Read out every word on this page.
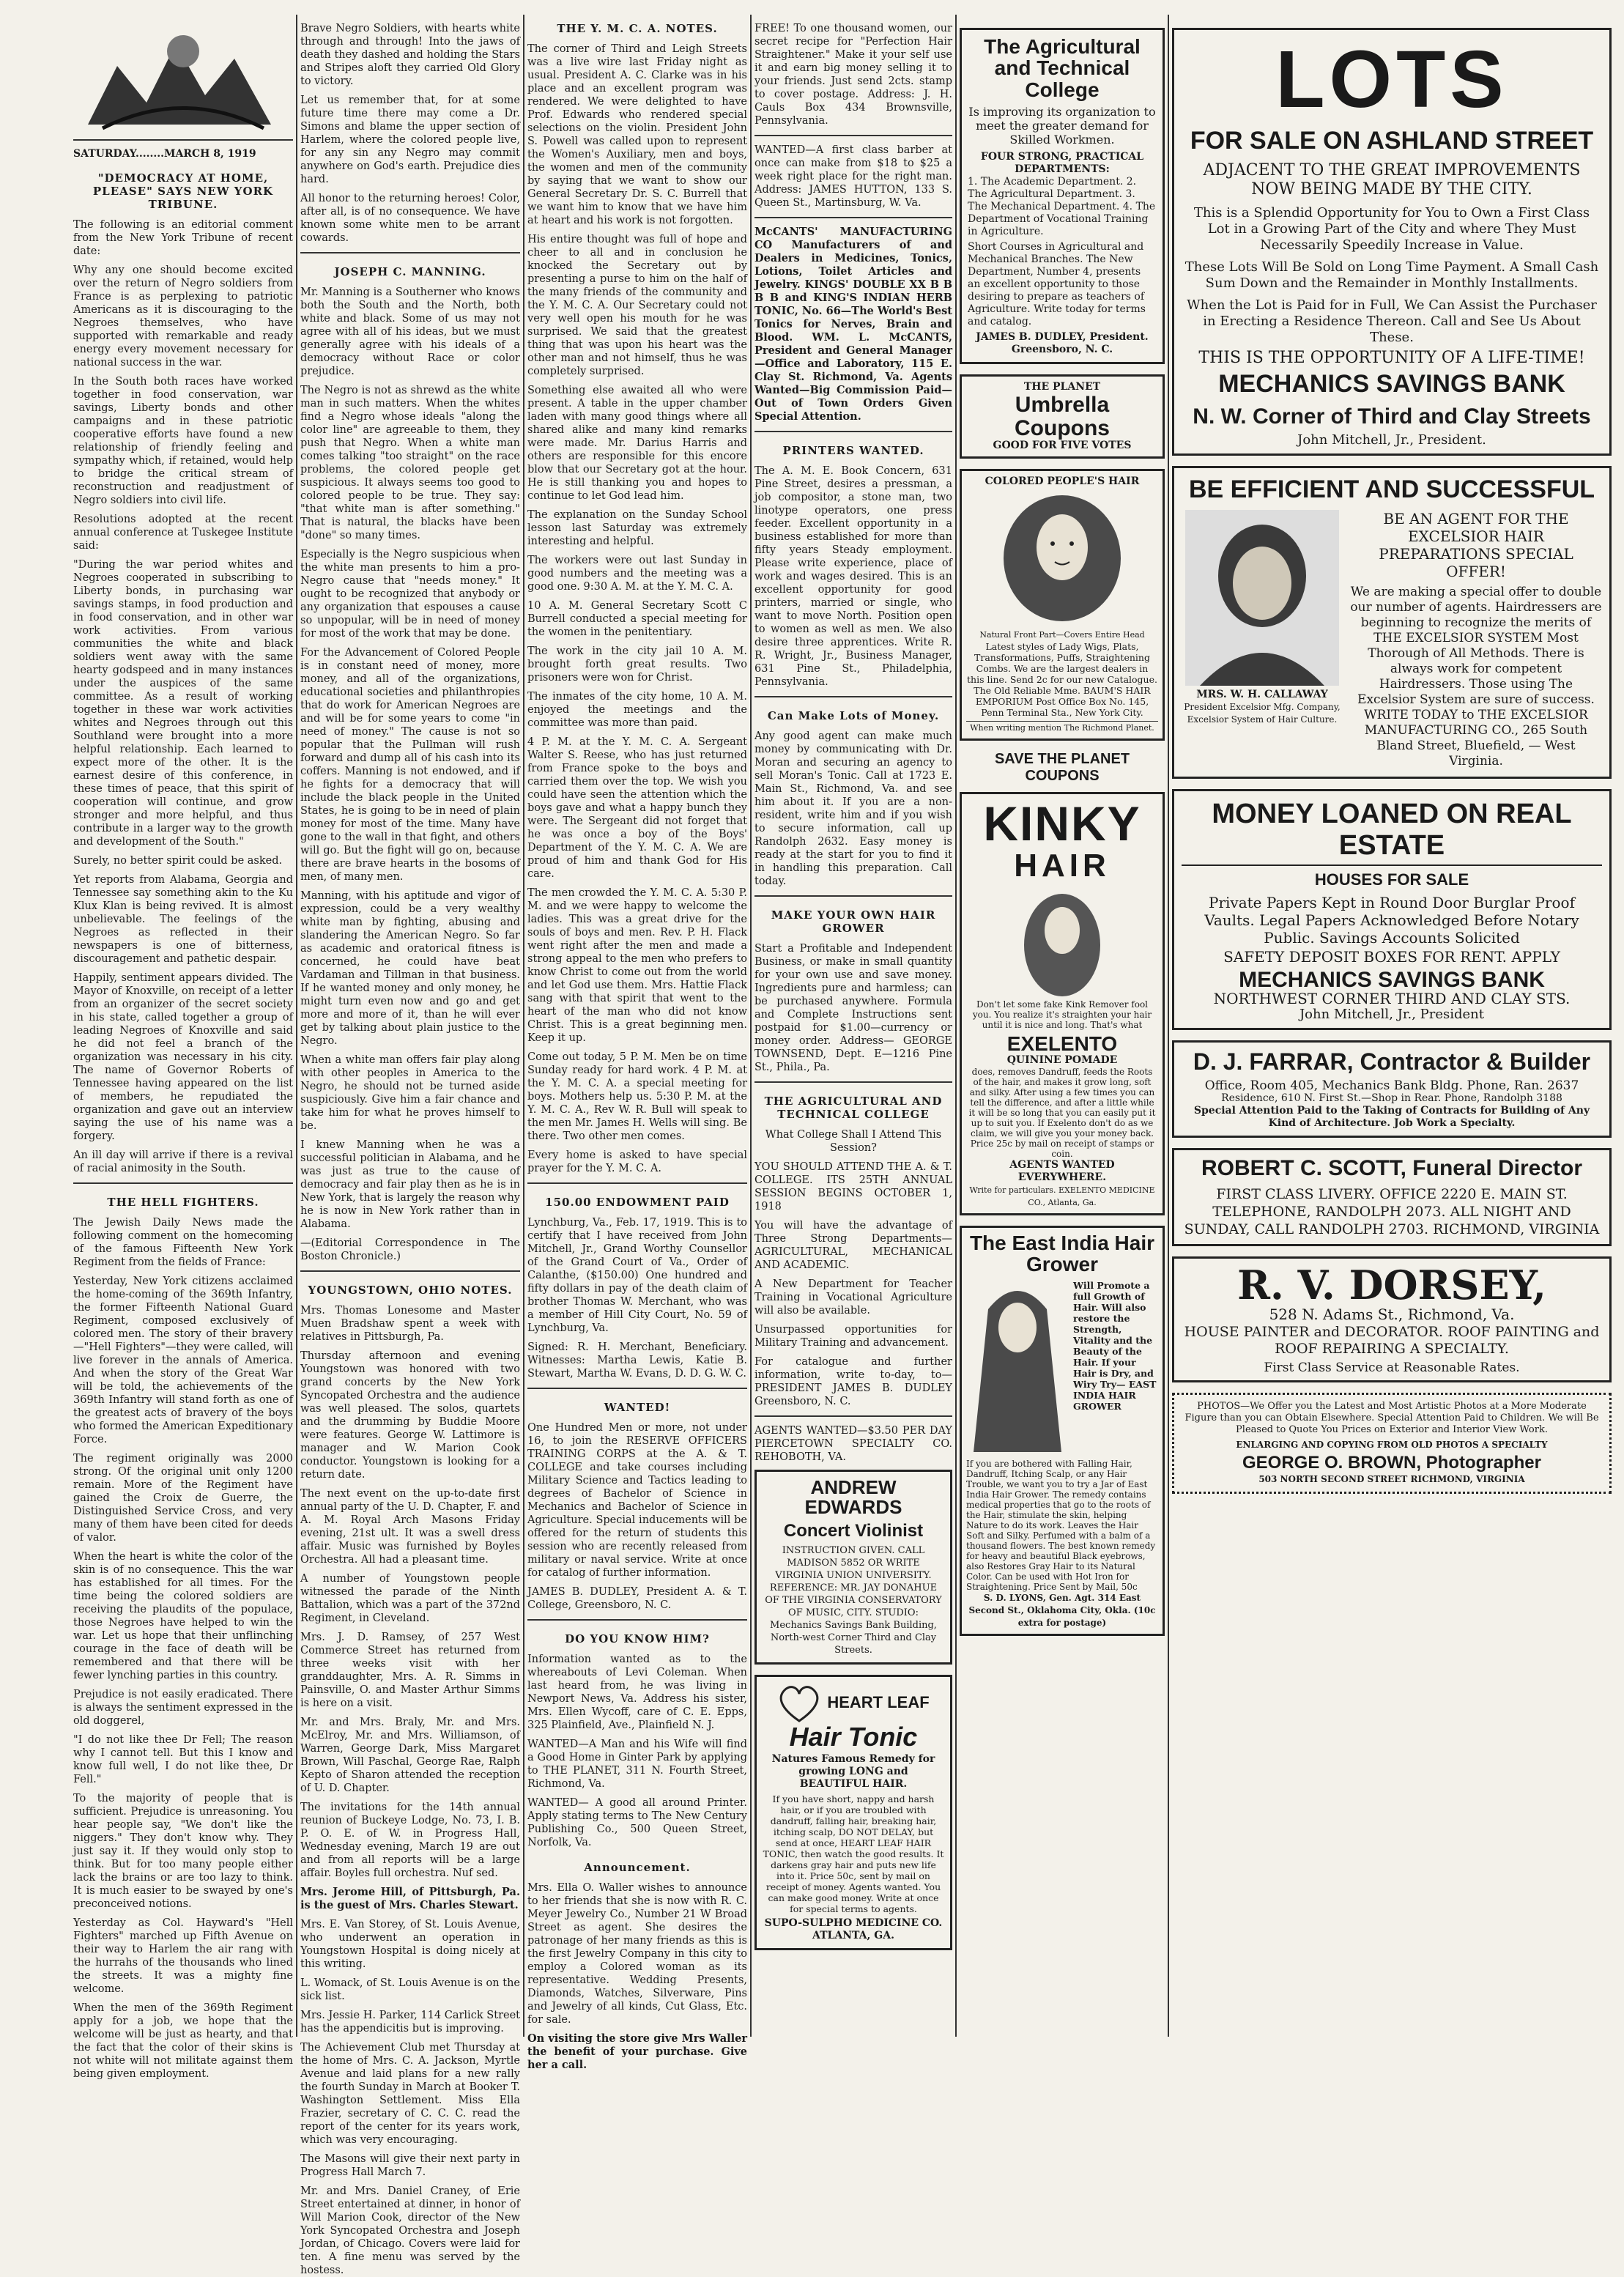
SATURDAY........MARCH 8, 1919
"DEMOCRACY AT HOME, PLEASE" SAYS NEW YORK TRIBUNE.

The following is an editorial comment from the New York Tribune of recent date:

Why any one should become excited over the return of Negro soldiers from France is as perplexing to patriotic Americans as it is discouraging to the Negroes themselves, who have supported with remarkable and ready energy every movement necessary for national success in the war.

In the South both races have worked together in food conservation, war savings, Liberty bonds and other campaigns and in these patriotic cooperative efforts have found a new relationship of friendly feeling and sympathy which, if retained, would help to bridge the critical stream of reconstruction and readjustment of Negro soldiers into civil life.

Resolutions adopted at the recent annual conference at Tuskegee Institute said:

"During the war period whites and Negroes cooperated in subscribing to Liberty bonds, in purchasing war savings stamps, in food production and in food conservation, and in other war work activities. From various communities the white and black soldiers went away with the same hearty godspeed and in many instances under the auspices of the same committee. As a result of working together in these war work activities whites and Negroes through out this Southland were brought into a more helpful relationship. Each learned to expect more of the other. It is the earnest desire of this conference, in these times of peace, that this spirit of cooperation will continue, and grow stronger and more helpful, and thus contribute in a larger way to the growth and development of the South."

Surely, no better spirit could be asked.

Yet reports from Alabama, Georgia and Tennessee say something akin to the Ku Klux Klan is being revived. It is almost unbelievable. The feelings of the Negroes as reflected in their newspapers is one of bitterness, discouragement and pathetic despair.

Happily, sentiment appears divided. The Mayor of Knoxville, on receipt of a letter from an organizer of the secret society in his state, called together a group of leading Negroes of Knoxville and said he did not feel a branch of the organization was necessary in his city. The name of Governor Roberts of Tennessee having appeared on the list of members, he repudiated the organization and gave out an interview saying the use of his name was a forgery.

An ill day will arrive if there is a revival of racial animosity in the South.

THE HELL FIGHTERS.

The Jewish Daily News made the following comment on the homecoming of the famous Fifteenth New York Regiment from the fields of France:

Yesterday, New York citizens acclaimed the home-coming of the 369th Infantry, the former Fifteenth National Guard Regiment, composed exclusively of colored men. The story of their bravery—"Hell Fighters"—they were called, will live forever in the annals of America. And when the story of the Great War will be told, the achievements of the 369th Infantry will stand forth as one of the greatest acts of bravery of the boys who formed the American Expeditionary Force.

The regiment originally was 2000 strong. Of the original unit only 1200 remain. More of the Regiment have gained the Croix de Guerre, the Distinguished Service Cross, and very many of them have been cited for deeds of valor.

When the heart is white the color of the skin is of no consequence. This the war has established for all times. For the time being the colored soldiers are receiving the plaudits of the populace, those Negroes have helped to win the war. Let us hope that their unflinching courage in the face of death will be remembered and that there will be fewer lynching parties in this country.

Prejudice is not easily eradicated. There is always the sentiment expressed in the old doggerel,

"I do not like thee Dr Fell; The reason why I cannot tell. But this I know and know full well, I do not like thee, Dr Fell."

To the majority of people that is sufficient. Prejudice is unreasoning. You hear people say, "We don't like the niggers." They don't know why. They just say it. If they would only stop to think. But for too many people either lack the brains or are too lazy to think. It is much easier to be swayed by one's preconceived notions.

Yesterday as Col. Hayward's "Hell Fighters" marched up Fifth Avenue on their way to Harlem the air rang with the hurrahs of the thousands who lined the streets. It was a mighty fine welcome.

When the men of the 369th Regiment apply for a job, we hope that the welcome will be just as hearty, and that the fact that the color of their skins is not white will not militate against them being given employment.

Brave Negro Soldiers, with hearts white through and through! Into the jaws of death they dashed and holding the Stars and Stripes aloft they carried Old Glory to victory.

Let us remember that, for at some future time there may come a Dr. Simons and blame the upper section of Harlem, where the colored people live, for any sin any Negro may commit anywhere on God's earth. Prejudice dies hard.

All honor to the returning heroes! Color, after all, is of no consequence. We have known some white men to be arrant cowards.

JOSEPH C. MANNING.

Mr. Manning is a Southerner who knows both the South and the North, both white and black. Some of us may not agree with all of his ideas, but we must generally agree with his ideals of a democracy without Race or color prejudice.

The Negro is not as shrewd as the white man in such matters. When the whites find a Negro whose ideals "along the color line" are agreeable to them, they push that Negro. When a white man comes talking "too straight" on the race problems, the colored people get suspicious. It always seems too good to colored people to be true. They say: "that white man is after something." That is natural, the blacks have been "done" so many times.

Especially is the Negro suspicious when the white man presents to him a pro-Negro cause that "needs money." It ought to be recognized that anybody or any organization that espouses a cause so unpopular, will be in need of money for most of the work that may be done.

For the Advancement of Colored People is in constant need of money, more money, and all of the organizations, educational societies and philanthropies that do work for American Negroes are and will be for some years to come "in need of money." The cause is not so popular that the Pullman will rush forward and dump all of his cash into its coffers. Manning is not endowed, and if he fights for a democracy that will include the black people in the United States, he is going to be in need of plain money for most of the time. Many have gone to the wall in that fight, and others will go. But the fight will go on, because there are brave hearts in the bosoms of men, of many men.

Manning, with his aptitude and vigor of expression, could be a very wealthy white man by fighting, abusing and slandering the American Negro. So far as academic and oratorical fitness is concerned, he could have beat Vardaman and Tillman in that business. If he wanted money and only money, he might turn even now and go and get more and more of it, than he will ever get by talking about plain justice to the Negro.

When a white man offers fair play along with other peoples in America to the Negro, he should not be turned aside suspiciously. Give him a fair chance and take him for what he proves himself to be.

I knew Manning when he was a successful politician in Alabama, and he was just as true to the cause of democracy and fair play then as he is in New York, that is largely the reason why he is now in New York rather than in Alabama.

—(Editorial Correspondence in The Boston Chronicle.)

YOUNGSTOWN, OHIO NOTES.

Mrs. Thomas Lonesome and Master Muen Bradshaw spent a week with relatives in Pittsburgh, Pa.

Thursday afternoon and evening Youngstown was honored with two grand concerts by the New York Syncopated Orchestra and the audience was well pleased. The solos, quartets and the drumming by Buddie Moore were features. George W. Lattimore is manager and W. Marion Cook conductor. Youngstown is looking for a return date.

The next event on the up-to-date first annual party of the U. D. Chapter, F. and A. M. Royal Arch Masons Friday evening, 21st ult. It was a swell dress affair. Music was furnished by Boyles Orchestra. All had a pleasant time.

A number of Youngstown people witnessed the parade of the Ninth Battalion, which was a part of the 372nd Regiment, in Cleveland.

Mrs. J. D. Ramsey, of 257 West Commerce Street has returned from three weeks visit with her granddaughter, Mrs. A. R. Simms in Painsville, O. and Master Arthur Simms is here on a visit.

Mr. and Mrs. Braly, Mr. and Mrs. McElroy, Mr. and Mrs. Williamson, of Warren, George Dark, Miss Margaret Brown, Will Paschal, George Rae, Ralph Kepto of Sharon attended the reception of U. D. Chapter.

The invitations for the 14th annual reunion of Buckeye Lodge, No. 73, I. B. P. O. E. of W. in Progress Hall, Wednesday evening, March 19 are out and from all reports will be a large affair. Boyles full orchestra. Nuf sed.

Mrs. Jerome Hill, of Pittsburgh, Pa. is the guest of Mrs. Charles Stewart.

Mrs. E. Van Storey, of St. Louis Avenue, who underwent an operation in Youngstown Hospital is doing nicely at this writing.

L. Womack, of St. Louis Avenue is on the sick list.

Mrs. Jessie H. Parker, 114 Carlick Street has the appendicitis but is improving.

The Achievement Club met Thursday at the home of Mrs. C. A. Jackson, Myrtle Avenue and laid plans for a new rally the fourth Sunday in March at Booker T. Washington Settlement. Miss Ella Frazier, secretary of C. C. C. read the report of the center for its years work, which was very encouraging.

The Masons will give their next party in Progress Hall March 7.

Mr. and Mrs. Daniel Craney, of Erie Street entertained at dinner, in honor of Will Marion Cook, director of the New York Syncopated Orchestra and Joseph Jordan, of Chicago. Covers were laid for ten. A fine menu was served by the hostess.

THE Y. M. C. A. NOTES.

The corner of Third and Leigh Streets was a live wire last Friday night as usual. President A. C. Clarke was in his place and an excellent program was rendered. We were delighted to have Prof. Edwards who rendered special selections on the violin. President John S. Powell was called upon to represent the Women's Auxiliary, men and boys, the women and men of the community by saying that we want to show our General Secretary Dr. S. C. Burrell that we want him to know that we have him at heart and his work is not forgotten.

His entire thought was full of hope and cheer to all and in conclusion he knocked the Secretary out by presenting a purse to him on the half of the many friends of the community and the Y. M. C. A. Our Secretary could not very well open his mouth for he was surprised. We said that the greatest thing that was upon his heart was the other man and not himself, thus he was completely surprised.

Something else awaited all who were present. A table in the upper chamber laden with many good things where all shared alike and many kind remarks were made. Mr. Darius Harris and others are responsible for this encore blow that our Secretary got at the hour. He is still thanking you and hopes to continue to let God lead him.

The explanation on the Sunday School lesson last Saturday was extremely interesting and helpful.

The workers were out last Sunday in good numbers and the meeting was a good one. 9:30 A. M. at the Y. M. C. A.

10 A. M. General Secretary Scott C Burrell conducted a special meeting for the women in the penitentiary.

The work in the city jail 10 A. M. brought forth great results. Two prisoners were won for Christ.

The inmates of the city home, 10 A. M. enjoyed the meetings and the committee was more than paid.

4 P. M. at the Y. M. C. A. Sergeant Walter S. Reese, who has just returned from France spoke to the boys and carried them over the top. We wish you could have seen the attention which the boys gave and what a happy bunch they were. The Sergeant did not forget that he was once a boy of the Boys' Department of the Y. M. C. A. We are proud of him and thank God for His care.

The men crowded the Y. M. C. A. 5:30 P. M. and we were happy to welcome the ladies. This was a great drive for the souls of boys and men. Rev. P. H. Flack went right after the men and made a strong appeal to the men who prefers to know Christ to come out from the world and let God use them. Mrs. Hattie Flack sang with that spirit that went to the heart of the man who did not know Christ. This is a great beginning men. Keep it up.

Come out today, 5 P. M. Men be on time Sunday ready for hard work. 4 P. M. at the Y. M. C. A. a special meeting for boys. Mothers help us. 5:30 P. M. at the Y. M. C. A., Rev W. R. Bull will speak to the men Mr. James H. Wells will sing. Be there. Two other men comes.

Every home is asked to have special prayer for the Y. M. C. A.

150.00 ENDOWMENT PAID

Lynchburg, Va., Feb. 17, 1919. This is to certify that I have received from John Mitchell, Jr., Grand Worthy Counsellor of the Grand Court of Va., Order of Calanthe, ($150.00) One hundred and fifty dollars in pay of the death claim of brother Thomas W. Merchant, who was a member of Hill City Court, No. 59 of Lynchburg, Va.

Signed: R. H. Merchant, Beneficiary. Witnesses: Martha Lewis, Katie B. Stewart, Martha W. Evans, D. D. G. W. C.

WANTED!

One Hundred Men or more, not under 16, to join the RESERVE OFFICERS TRAINING CORPS at the A. & T. COLLEGE and take courses including Military Science and Tactics leading to degrees of Bachelor of Science in Mechanics and Bachelor of Science in Agriculture. Special inducements will be offered for the return of students this session who are recently released from military or naval service. Write at once for catalog of further information.

JAMES B. DUDLEY, President A. & T. College, Greensboro, N. C.

DO YOU KNOW HIM?

Information wanted as to the whereabouts of Levi Coleman. When last heard from, he was living in Newport News, Va. Address his sister, Mrs. Ellen Wycoff, care of C. E. Epps, 325 Plainfield, Ave., Plainfield N. J.

WANTED—A Man and his Wife will find a Good Home in Ginter Park by applying to THE PLANET, 311 N. Fourth Street, Richmond, Va.

WANTED— A good all around Printer. Apply stating terms to The New Century Publishing Co., 500 Queen Street, Norfolk, Va.

Announcement.

Mrs. Ella O. Waller wishes to announce to her friends that she is now with R. C. Meyer Jewelry Co., Number 21 W Broad Street as agent. She desires the patronage of her many friends as this is the first Jewelry Company in this city to employ a Colored woman as its representative. Wedding Presents, Diamonds, Watches, Silverware, Pins and Jewelry of all kinds, Cut Glass, Etc. for sale.

On visiting the store give Mrs Waller the benefit of your purchase. Give her a call.

FREE! To one thousand women, our secret recipe for "Perfection Hair Straightener." Make it your self use it and earn big money selling it to your friends. Just send 2cts. stamp to cover postage. Address: J. H. Cauls Box 434 Brownsville, Pennsylvania.

WANTED—A first class barber at once can make from $18 to $25 a week right place for the right man. Address: JAMES HUTTON, 133 S. Queen St., Martinsburg, W. Va.

McCANTS' MANUFACTURING CO Manufacturers of and Dealers in Medicines, Tonics, Lotions, Toilet Articles and Jewelry. KINGS' DOUBLE XX B B B B and KING'S INDIAN HERB TONIC, No. 66—The World's Best Tonics for Nerves, Brain and Blood. WM. L. McCANTS, President and General Manager—Office and Laboratory, 115 E. Clay St. Richmond, Va. Agents Wanted—Big Commission Paid—Out of Town Orders Given Special Attention.

PRINTERS WANTED.

The A. M. E. Book Concern, 631 Pine Street, desires a pressman, a job compositor, a stone man, two linotype operators, one press feeder. Excellent opportunity in a business established for more than fifty years Steady employment. Please write experience, place of work and wages desired. This is an excellent opportunity for good printers, married or single, who want to move North. Position open to women as well as men. We also desire three apprentices. Write R. R. Wright, Jr., Business Manager, 631 Pine St., Philadelphia, Pennsylvania.

Can Make Lots of Money.

Any good agent can make much money by communicating with Dr. Moran and securing an agency to sell Moran's Tonic. Call at 1723 E. Main St., Richmond, Va. and see him about it. If you are a non-resident, write him and if you wish to secure information, call up Randolph 2632. Easy money is ready at the start for you to find it in handling this preparation. Call today.

MAKE YOUR OWN HAIR GROWER

Start a Profitable and Independent Business, or make in small quantity for your own use and save money. Ingredients pure and harmless; can be purchased anywhere. Formula and Complete Instructions sent postpaid for $1.00—currency or money order. Address— GEORGE TOWNSEND, Dept. E—1216 Pine St., Phila., Pa.

THE AGRICULTURAL AND TECHNICAL COLLEGE

What College Shall I Attend This Session?

YOU SHOULD ATTEND THE A. & T. COLLEGE. ITS 25TH ANNUAL SESSION BEGINS OCTOBER 1, 1918

You will have the advantage of Three Strong Departments— AGRICULTURAL, MECHANICAL AND ACADEMIC.

A New Department for Teacher Training in Vocational Agriculture will also be available.

Unsurpassed opportunities for Military Training and advancement.

For catalogue and further information, write to-day, to— PRESIDENT JAMES B. DUDLEY Greensboro, N. C.

AGENTS WANTED—$3.50 PER DAY PIERCETOWN SPECIALTY CO. REHOBOTH, VA.

ANDREW EDWARDS
Concert Violinist
INSTRUCTION GIVEN. CALL MADISON 5852 OR WRITE VIRGINIA UNION UNIVERSITY. REFERENCE: MR. JAY DONAHUE OF THE VIRGINIA CONSERVATORY OF MUSIC, CITY. STUDIO: Mechanics Savings Bank Building, North-west Corner Third and Clay Streets.
HEART LEAF
Hair Tonic
Natures Famous Remedy for growing LONG and BEAUTIFUL HAIR.
If you have short, nappy and harsh hair, or if you are troubled with dandruff, falling hair, breaking hair, itching scalp, DO NOT DELAY, but send at once, HEART LEAF HAIR TONIC, then watch the good results. It darkens gray hair and puts new life into it. Price 50c, sent by mail on receipt of money. Agents wanted. You can make good money. Write at once for special terms to agents.
SUPO-SULPHO MEDICINE CO. ATLANTA, GA.
The Agricultural and Technical College
Is improving its organization to meet the greater demand for Skilled Workmen.
FOUR STRONG, PRACTICAL DEPARTMENTS:
1. The Academic Department. 2. The Agricultural Department. 3. The Mechanical Department. 4. The Department of Vocational Training in Agriculture.
Short Courses in Agricultural and Mechanical Branches. The New Department, Number 4, presents an excellent opportunity to those desiring to prepare as teachers of Agriculture. Write today for terms and catalog.
JAMES B. DUDLEY, President. Greensboro, N. C.
THE PLANET
Umbrella Coupons
GOOD FOR FIVE VOTES
COLORED PEOPLE'S HAIR
Natural Front Part—Covers Entire Head
Latest styles of Lady Wigs, Plats, Transformations, Puffs, Straightening Combs. We are the largest dealers in this line. Send 2c for our new Catalogue. The Old Reliable Mme. BAUM'S HAIR EMPORIUM Post Office Box No. 145, Penn Terminal Sta., New York City.
When writing mention The Richmond Planet.
SAVE THE PLANET COUPONS
KINKY
HAIR
Don't let some fake Kink Remover fool you. You realize it's straighten your hair until it is nice and long. That's what
EXELENTO
QUININE POMADE
does, removes Dandruff, feeds the Roots of the hair, and makes it grow long, soft and silky. After using a few times you can tell the difference, and after a little while it will be so long that you can easily put it up to suit you. If Exelento don't do as we claim, we will give you your money back. Price 25c by mail on receipt of stamps or coin.
AGENTS WANTED EVERYWHERE.
Write for particulars. EXELENTO MEDICINE CO., Atlanta, Ga.
The East India Hair Grower
Will Promote a full Growth of Hair. Will also restore the Strength, Vitality and the Beauty of the Hair. If your Hair is Dry, and Wiry Try— EAST INDIA HAIR GROWER
If you are bothered with Falling Hair, Dandruff, Itching Scalp, or any Hair Trouble, we want you to try a Jar of East India Hair Grower. The remedy contains medical properties that go to the roots of the Hair, stimulate the skin, helping Nature to do its work. Leaves the Hair Soft and Silky. Perfumed with a balm of a thousand flowers. The best known remedy for heavy and beautiful Black eyebrows, also Restores Gray Hair to its Natural Color. Can be used with Hot Iron for Straightening. Price Sent by Mail, 50c
S. D. LYONS, Gen. Agt. 314 East Second St., Oklahoma City, Okla. (10c extra for postage)
LOTS
FOR SALE ON ASHLAND STREET
ADJACENT TO THE GREAT IMPROVEMENTS NOW BEING MADE BY THE CITY.
This is a Splendid Opportunity for You to Own a First Class Lot in a Growing Part of the City and where They Must Necessarily Speedily Increase in Value.
These Lots Will Be Sold on Long Time Payment. A Small Cash Sum Down and the Remainder in Monthly Installments.
When the Lot is Paid for in Full, We Can Assist the Purchaser in Erecting a Residence Thereon. Call and See Us About These.
THIS IS THE OPPORTUNITY OF A LIFE-TIME!
MECHANICS SAVINGS BANK
N. W. Corner of Third and Clay Streets
John Mitchell, Jr., President.
BE EFFICIENT AND SUCCESSFUL
MRS. W. H. CALLAWAY
President Excelsior Mfg. Company, Excelsior System of Hair Culture.
BE AN AGENT FOR THE EXCELSIOR HAIR PREPARATIONS SPECIAL OFFER!
We are making a special offer to double our number of agents. Hairdressers are beginning to recognize the merits of THE EXCELSIOR SYSTEM Most Thorough of All Methods. There is always work for competent Hairdressers. Those using The Excelsior System are sure of success. WRITE TODAY to THE EXCELSIOR MANUFACTURING CO., 265 South Bland Street, Bluefield, — West Virginia.
MONEY LOANED ON REAL ESTATE
HOUSES FOR SALE
Private Papers Kept in Round Door Burglar Proof Vaults. Legal Papers Acknowledged Before Notary Public. Savings Accounts Solicited
SAFETY DEPOSIT BOXES FOR RENT. APPLY
MECHANICS SAVINGS BANK
NORTHWEST CORNER THIRD AND CLAY STS.
John Mitchell, Jr., President
D. J. FARRAR, Contractor & Builder
Office, Room 405, Mechanics Bank Bldg. Phone, Ran. 2637
Residence, 610 N. First St.—Shop in Rear. Phone, Randolph 3188
Special Attention Paid to the Taking of Contracts for Building of Any Kind of Architecture. Job Work a Specialty.
ROBERT C. SCOTT, Funeral Director
FIRST CLASS LIVERY. OFFICE 2220 E. MAIN ST. TELEPHONE, RANDOLPH 2073. ALL NIGHT AND SUNDAY, CALL RANDOLPH 2703. RICHMOND, VIRGINIA
R. V. DORSEY,
528 N. Adams St., Richmond, Va.
HOUSE PAINTER and DECORATOR. ROOF PAINTING and ROOF REPAIRING A SPECIALTY.
First Class Service at Reasonable Rates.
PHOTOS—We Offer you the Latest and Most Artistic Photos at a More Moderate Figure than you can Obtain Elsewhere. Special Attention Paid to Children. We will Be Pleased to Quote You Prices on Exterior and Interior View Work.
ENLARGING AND COPYING FROM OLD PHOTOS A SPECIALTY
GEORGE O. BROWN, Photographer
503 NORTH SECOND STREET RICHMOND, VIRGINIA
